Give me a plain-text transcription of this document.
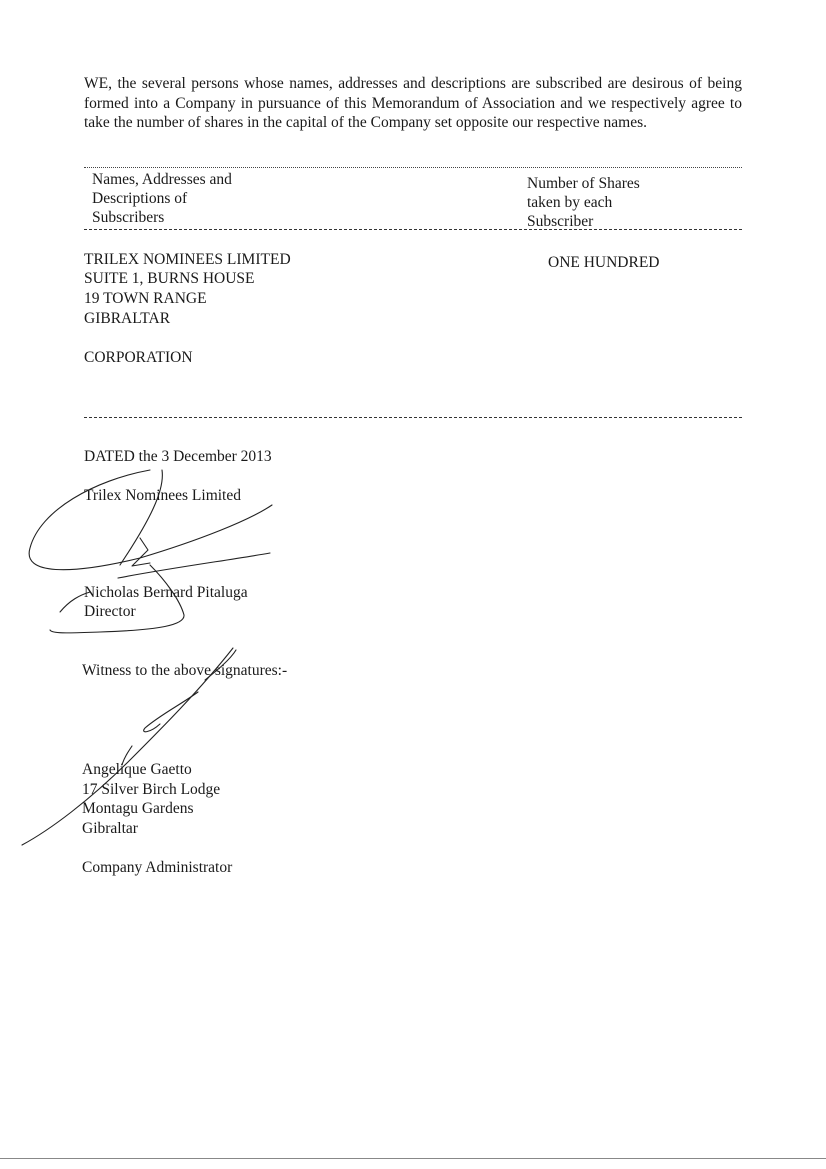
WE, the several persons whose names, addresses and descriptions are subscribed are desirous of being formed into a Company in pursuance of this Memorandum of Association and we respectively agree to take the number of shares in the capital of the Company set opposite our respective names.
Names, Addresses and
Descriptions of
Subscribers
Number of Shares
taken by each
Subscriber
TRILEX NOMINEES LIMITED
SUITE 1, BURNS HOUSE
19 TOWN RANGE
GIBRALTAR
CORPORATION
ONE HUNDRED
DATED the 3 December 2013
Trilex Nominees Limited
Nicholas Bernard Pitaluga
Director
Witness to the above signatures:-
Angelique Gaetto
17 Silver Birch Lodge
Montagu Gardens
Gibraltar
Company Administrator
